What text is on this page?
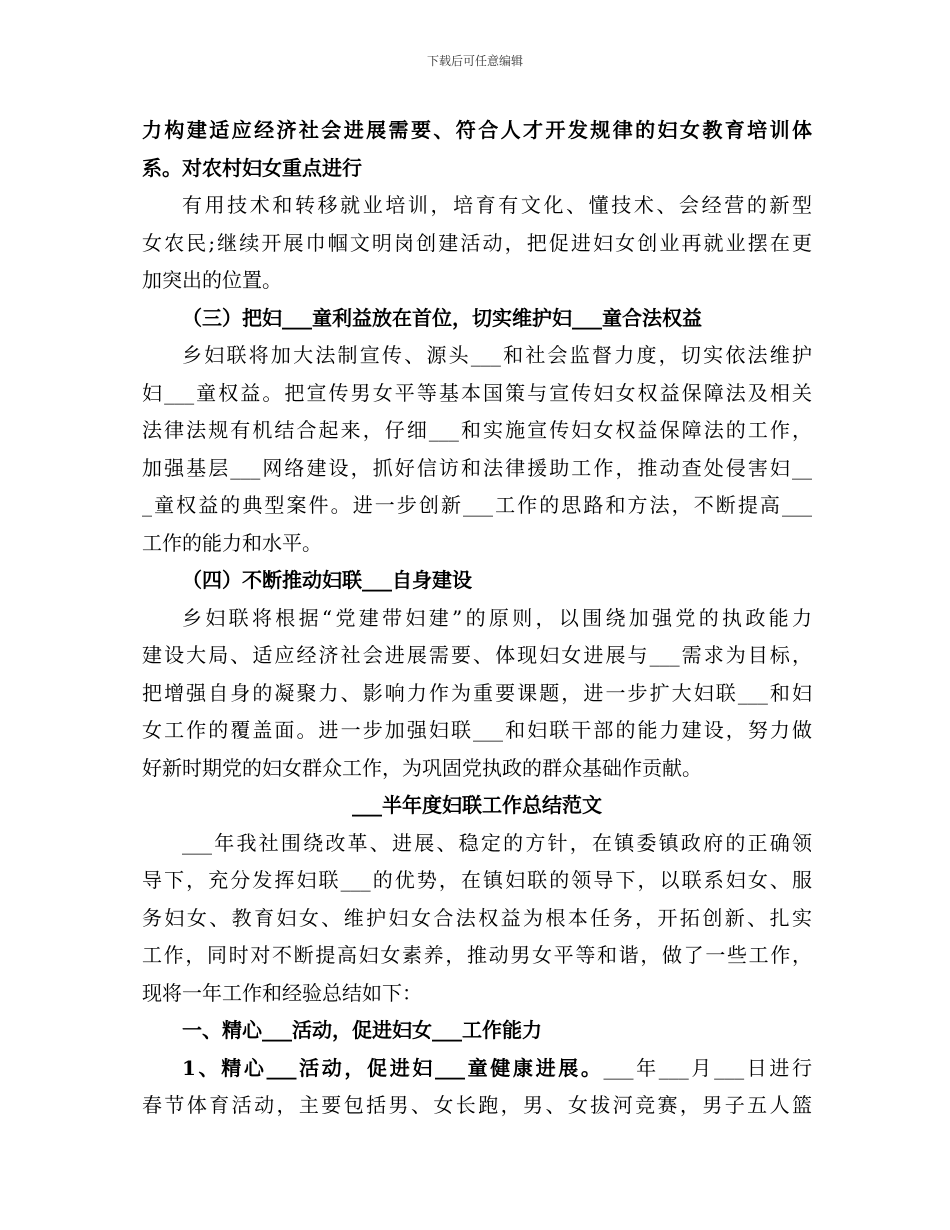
下载后可任意编辑
力构建适应经济社会进展需要、符合人才开发规律的妇女教育培训体
系。对农村妇女重点进行
有用技术和转移就业培训，培育有文化、懂技术、会经营的新型
女农民;继续开展巾帼文明岗创建活动，把促进妇女创业再就业摆在更
加突出的位置。
（三）把妇___童利益放在首位，切实维护妇___童合法权益
乡妇联将加大法制宣传、源头___和社会监督力度，切实依法维护
妇___童权益。把宣传男女平等基本国策与宣传妇女权益保障法及相关
法律法规有机结合起来，仔细___和实施宣传妇女权益保障法的工作，
加强基层___网络建设，抓好信访和法律援助工作，推动查处侵害妇__
_童权益的典型案件。进一步创新___工作的思路和方法，不断提高___
工作的能力和水平。
（四）不断推动妇联___自身建设
乡妇联将根据“党建带妇建”的原则，以围绕加强党的执政能力
建设大局、适应经济社会进展需要、体现妇女进展与___需求为目标，
把增强自身的凝聚力、影响力作为重要课题，进一步扩大妇联___和妇
女工作的覆盖面。进一步加强妇联___和妇联干部的能力建设，努力做
好新时期党的妇女群众工作，为巩固党执政的群众基础作贡献。
___半年度妇联工作总结范文
___年我社围绕改革、进展、稳定的方针，在镇委镇政府的正确领
导下，充分发挥妇联___的优势，在镇妇联的领导下，以联系妇女、服
务妇女、教育妇女、维护妇女合法权益为根本任务，开拓创新、扎实
工作，同时对不断提高妇女素养，推动男女平等和谐，做了一些工作，
现将一年工作和经验总结如下：
一、精心___活动，促进妇女___工作能力
1、精心___活动，促进妇___童健康进展。___年___月___日进行
春节体育活动，主要包括男、女长跑，男、女拔河竞赛，男子五人篮
